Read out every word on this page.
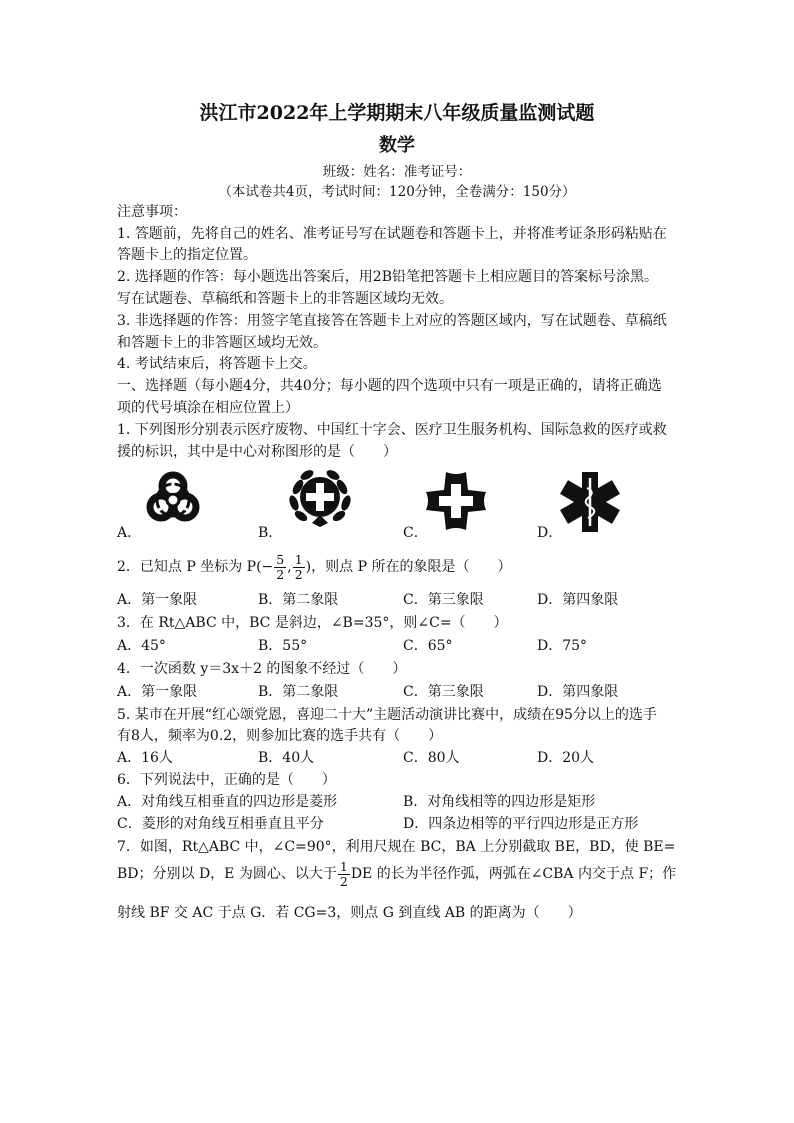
洪江市2022年上学期期末八年级质量监测试题
数学
班级：姓名：准考证号：
（本试卷共4页，考试时间：120分钟，全卷满分：150分）
注意事项：
1. 答题前，先将自己的姓名、准考证号写在试题卷和答题卡上，并将准考证条形码粘贴在
答题卡上的指定位置。
2. 选择题的作答：每小题选出答案后，用2B铅笔把答题卡上相应题目的答案标号涂黑。
写在试题卷、草稿纸和答题卡上的非答题区域均无效。
3. 非选择题的作答：用签字笔直接答在答题卡上对应的答题区域内，写在试题卷、草稿纸
和答题卡上的非答题区域均无效。
4. 考试结束后，将答题卡上交。
一、选择题（每小题4分，共40分；每小题的四个选项中只有一项是正确的，请将正确选
项的代号填涂在相应位置上）
1. 下列图形分别表示医疗废物、中国红十字会、医疗卫生服务机构、国际急救的医疗或救
援的标识，其中是中心对称图形的是（　　）
A．	B．	C．	D．
2．已知点 P 坐标为 $P(- \frac{5}{2}$ , $\frac{1}{2}$ )，则点 P 所在的象限是（　　）
A．第一象限	B．第二象限	C．第三象限	D．第四象限
3．在 Rt△ABC 中，BC 是斜边，∠B=35°，则∠C=（　　）
A．45°	B．55°	C．65°	D．75°
4．一次函数 y＝3x＋2 的图象不经过（　　）
A．第一象限	B．第二象限	C．第三象限	D．第四象限
5. 某市在开展“红心颂党恩，喜迎二十大”主题活动演讲比赛中，成绩在95分以上的选手
有8人，频率为0.2，则参加比赛的选手共有（　　）
A．16人	B．40人	C．80人	D．20人
6．下列说法中，正确的是（　　）
A．对角线互相垂直的四边形是菱形	B．对角线相等的四边形是矩形
C．菱形的对角线互相垂直且平分	D．四条边相等的平行四边形是正方形
7．如图，Rt△ABC 中，∠C=90°，利用尺规在 BC，BA 上分别截取 BE，BD，使 BE=
BD；分别以 D，E 为圆心、以大于 $\frac{1}{2}$ DE 的长为半径作弧，两弧在∠CBA 内交于点 F；作
射线 BF 交 AC 于点 G．若 CG=3，则点 G 到直线 AB 的距离为（　　）
